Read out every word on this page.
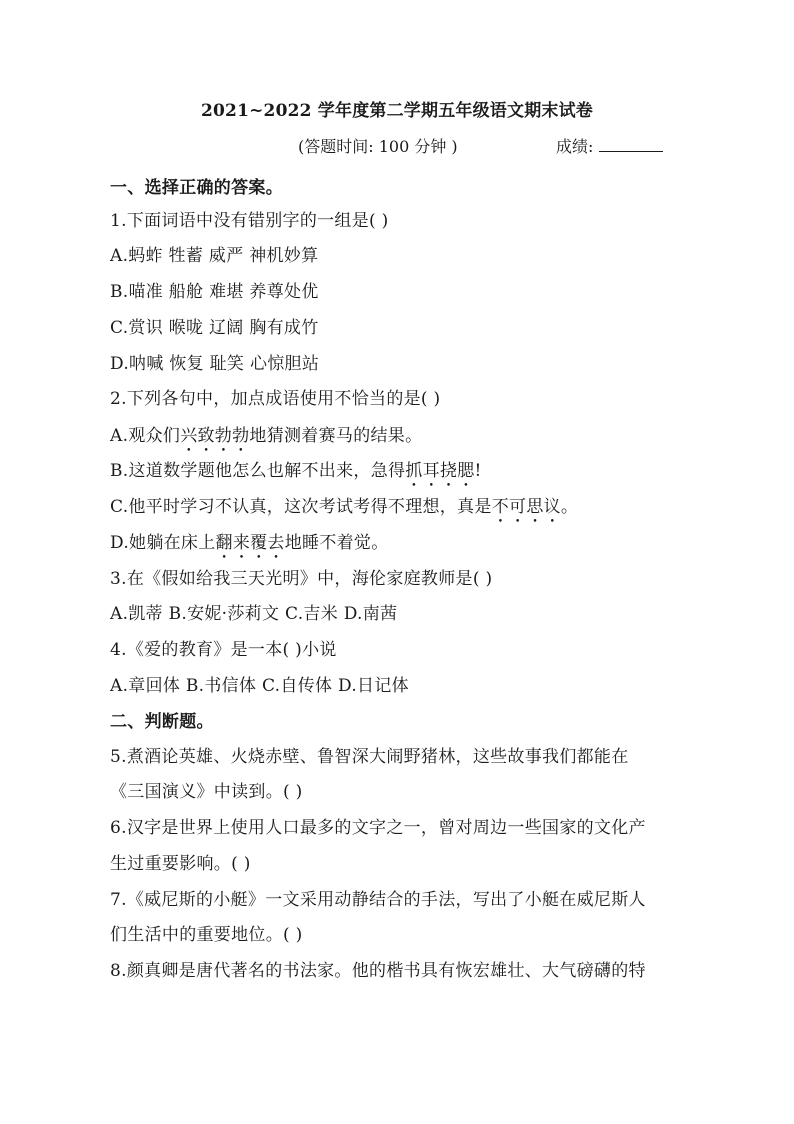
2021~2022 学年度第二学期五年级语文期末试卷
(答题时间: 100 分钟 )	成绩:
一、选择正确的答案。
1.下面词语中没有错别字的一组是( )
A.蚂蚱 牲蓄 威严 神机妙算
B.喵准 船舱 难堪 养尊处优
C.赏识 喉咙 辽阔 胸有成竹
D.呐喊 恢复 耻笑 心惊胆站
2.下列各句中，加点成语使用不恰当的是( )
A.观众们兴致勃勃地猜测着赛马的结果。
B.这道数学题他怎么也解不出来，急得抓耳挠腮!
C.他平时学习不认真，这次考试考得不理想，真是不可思议。
D.她躺在床上翻来覆去地睡不着觉。
3.在《假如给我三天光明》中，海伦家庭教师是( )
A.凯蒂 B.安妮·莎莉文 C.吉米 D.南茜
4.《爱的教育》是一本( )小说
A.章回体 B.书信体 C.自传体 D.日记体
二、判断题。
5.煮酒论英雄、火烧赤壁、鲁智深大闹野猪林，这些故事我们都能在
《三国演义》中读到。( )
6.汉字是世界上使用人口最多的文字之一，曾对周边一些国家的文化产
生过重要影响。( )
7.《威尼斯的小艇》一文采用动静结合的手法，写出了小艇在威尼斯人
们生活中的重要地位。( )
8.颜真卿是唐代著名的书法家。他的楷书具有恢宏雄壮、大气磅礴的特
